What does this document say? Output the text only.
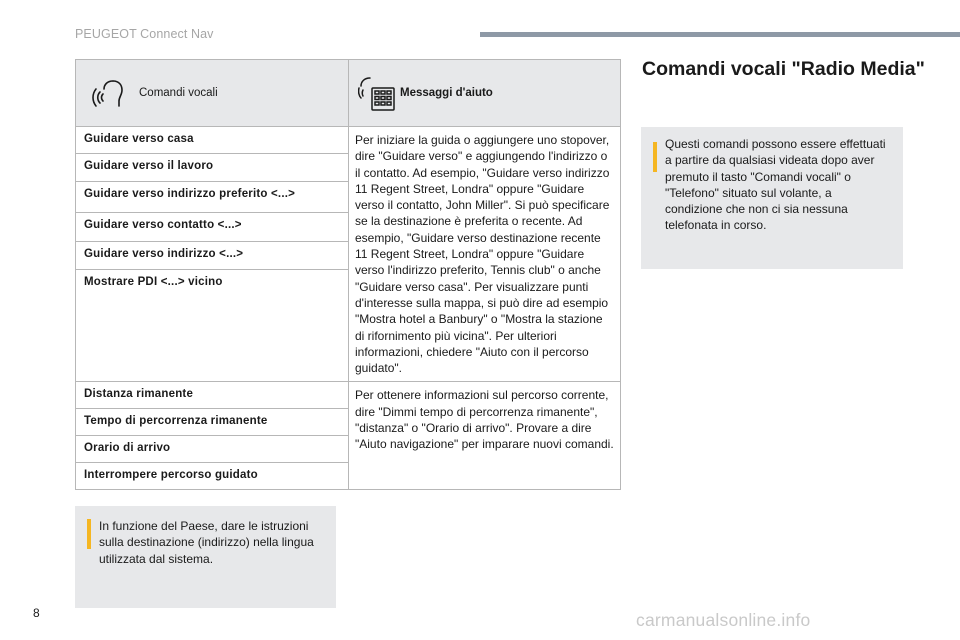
PEUGEOT Connect Nav
Comandi vocali	Messaggi d'aiuto

Guidare verso casa	Per iniziare la guida o aggiungere uno stopover, dire "Guidare verso" e aggiungendo l'indirizzo o il contatto. Ad esempio, "Guidare verso indirizzo 11 Regent Street, Londra" oppure "Guidare verso il contatto, John Miller". Si può specificare se la destinazione è preferita o recente. Ad esempio, "Guidare verso destinazione recente 11 Regent Street, Londra" oppure "Guidare verso l'indirizzo preferito, Tennis club" o anche "Guidare verso casa". Per visualizzare punti d'interesse sulla mappa, si può dire ad esempio "Mostra hotel a Banbury" o "Mostra la stazione di rifornimento più vicina". Per ulteriori informazioni, chiedere "Aiuto con il percorso guidato".
Guidare verso il lavoro	
Guidare verso indirizzo preferito <...>	
Guidare verso contatto <...>	
Guidare verso indirizzo <...>	
Mostrare PDI <...> vicino	
Distanza rimanente	Per ottenere informazioni sul percorso corrente, dire "Dimmi tempo di percorrenza rimanente", "distanza" o "Orario di arrivo". Provare a dire "Aiuto navigazione" per imparare nuovi comandi.
Tempo di percorrenza rimanente	
Orario di arrivo	
Interrompere percorso guidato	
In funzione del Paese, dare le istruzioni sulla destinazione (indirizzo) nella lingua utilizzata dal sistema.
Comandi vocali "Radio Media"
Questi comandi possono essere effettuati a partire da qualsiasi videata dopo aver premuto il tasto "Comandi vocali" o "Telefono" situato sul volante, a condizione che non ci sia nessuna telefonata in corso.
8	carmanualsonline.info
